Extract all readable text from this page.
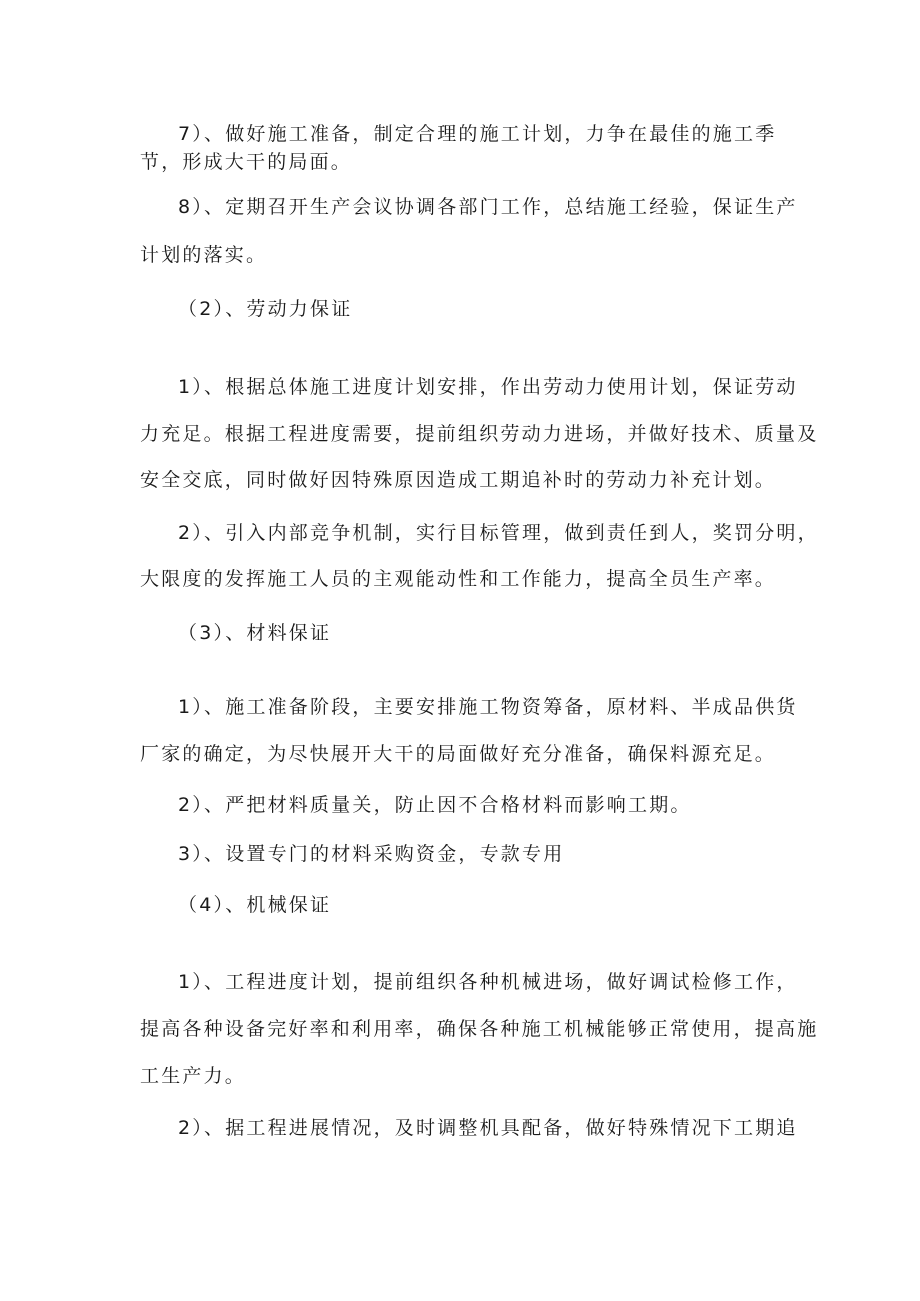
7）、做好施工准备，制定合理的施工计划，力争在最佳的施工季
节，形成大干的局面。
8）、定期召开生产会议协调各部门工作，总结施工经验，保证生产
计划的落实。
（2）、劳动力保证
1）、根据总体施工进度计划安排，作出劳动力使用计划，保证劳动
力充足。根据工程进度需要，提前组织劳动力进场，并做好技术、质量及
安全交底，同时做好因特殊原因造成工期追补时的劳动力补充计划。
2）、引入内部竞争机制，实行目标管理，做到责任到人，奖罚分明，
大限度的发挥施工人员的主观能动性和工作能力，提高全员生产率。
（3）、材料保证
1）、施工准备阶段，主要安排施工物资筹备，原材料、半成品供货
厂家的确定，为尽快展开大干的局面做好充分准备，确保料源充足。
2）、严把材料质量关，防止因不合格材料而影响工期。
3）、设置专门的材料采购资金，专款专用
（4）、机械保证
1）、工程进度计划，提前组织各种机械进场，做好调试检修工作，
提高各种设备完好率和利用率，确保各种施工机械能够正常使用，提高施
工生产力。
2）、据工程进展情况，及时调整机具配备，做好特殊情况下工期追
